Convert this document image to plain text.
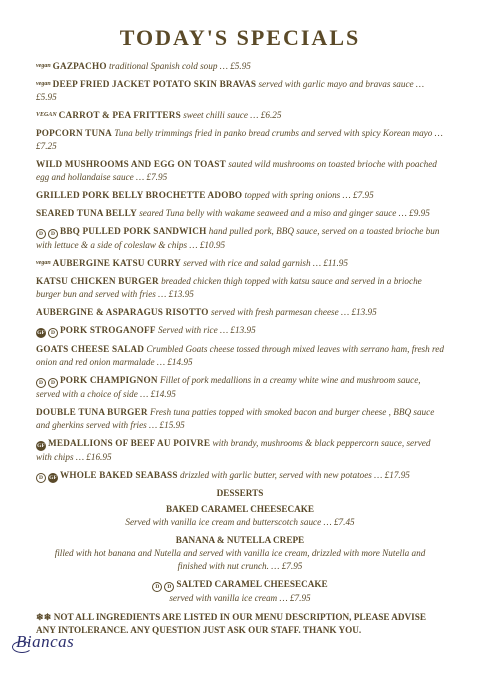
TODAY'S SPECIALS
vegan GAZPACHO traditional Spanish cold soup … £5.95
vegan DEEP FRIED JACKET POTATO SKIN BRAVAS served with garlic mayo and bravas sauce … £5.95
VEGAN CARROT & PEA FRITTERS sweet chilli sauce … £6.25
POPCORN TUNA Tuna belly trimmings fried in panko bread crumbs and served with spicy Korean mayo … £7.25
WILD MUSHROOMS AND EGG ON TOAST sauted wild mushrooms on toasted brioche with poached egg and hollandaise sauce … £7.95
GRILLED PORK BELLY BROCHETTE ADOBO topped with spring onions … £7.95
SEARED TUNA BELLY seared Tuna belly with wakame seaweed and a miso and ginger sauce … £9.95
D D BBQ PULLED PORK SANDWICH hand pulled pork, BBQ sauce, served on a toasted brioche bun with lettuce & a side of coleslaw & chips … £10.95
vegan AUBERGINE KATSU CURRY served with rice and salad garnish … £11.95
KATSU CHICKEN BURGER breaded chicken thigh topped with katsu sauce and served in a brioche burger bun and served with fries … £13.95
AUBERGINE & ASPARAGUS RISOTTO served with fresh parmesan cheese … £13.95
GF D PORK STROGANOFF Served with rice … £13.95
GOATS CHEESE SALAD Crumbled Goats cheese tossed through mixed leaves with serrano ham, fresh red onion and red onion marmalade … £14.95
D D PORK CHAMPIGNON Fillet of pork medallions in a creamy white wine and mushroom sauce, served with a choice of side … £14.95
DOUBLE TUNA BURGER Fresh tuna patties topped with smoked bacon and burger cheese , BBQ sauce and gherkins served with fries … £15.95
GF MEDALLIONS OF BEEF AU POIVRE with brandy, mushrooms & black peppercorn sauce, served with chips … £16.95
D GF WHOLE BAKED SEABASS drizzled with garlic butter, served with new potatoes … £17.95
DESSERTS
BAKED CARAMEL CHEESECAKE
Served with vanilla ice cream and butterscotch sauce … £7.45
BANANA & NUTELLA CREPE
filled with hot banana and Nutella and served with vanilla ice cream, drizzled with more Nutella and finished with nut crunch. … £7.95
D D SALTED CARAMEL CHEESECAKE
served with vanilla ice cream … £7.95
❄❄ NOT ALL INGREDIENTS ARE LISTED IN OUR MENU DESCRIPTION, PLEASE ADVISE ANY INTOLERANCE. ANY QUESTION JUST ASK OUR STAFF. THANK YOU.
Biancas
